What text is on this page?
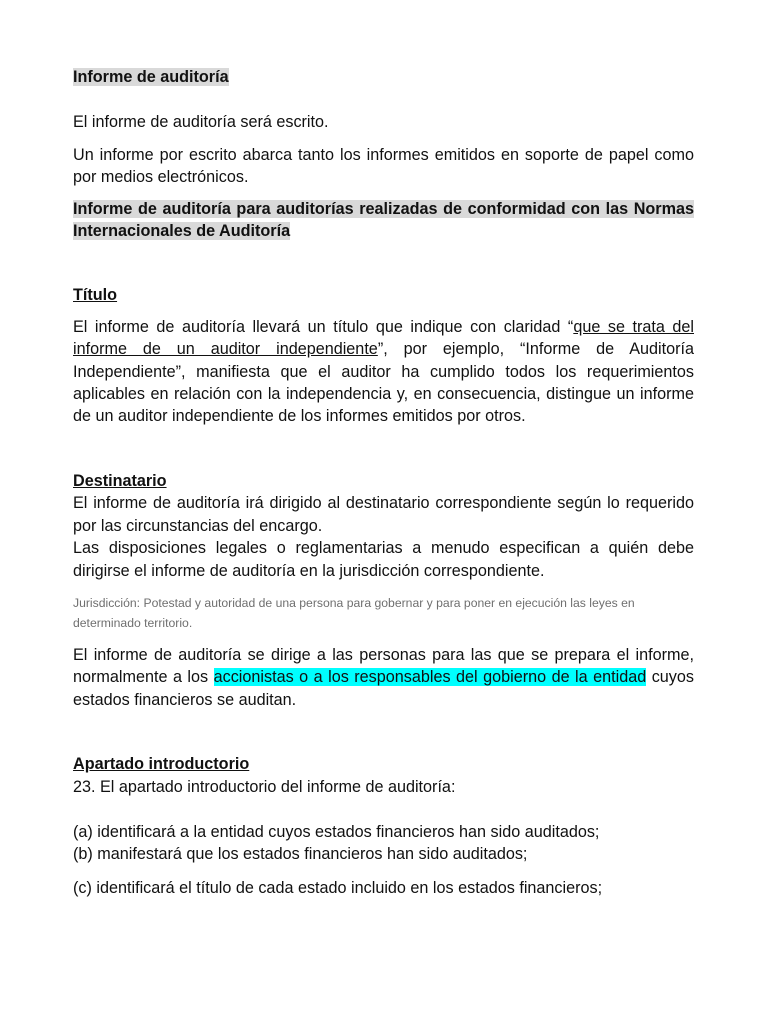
Informe de auditoría

El informe de auditoría será escrito.

Un informe por escrito abarca tanto los informes emitidos en soporte de papel como por medios electrónicos.

Informe de auditoría para auditorías realizadas de conformidad con las Normas Internacionales de Auditoría

Título

El informe de auditoría llevará un título que indique con claridad “que se trata del informe de un auditor independiente”, por ejemplo, “Informe de Auditoría Independiente”, manifiesta que el auditor ha cumplido todos los requerimientos aplicables en relación con la independencia y, en consecuencia, distingue un informe de un auditor independiente de los informes emitidos por otros.

Destinatario

El informe de auditoría irá dirigido al destinatario correspondiente según lo requerido por las circunstancias del encargo.

Las disposiciones legales o reglamentarias a menudo especifican a quién debe dirigirse el informe de auditoría en la jurisdicción correspondiente.

Jurisdicción: Potestad y autoridad de una persona para gobernar y para poner en ejecución las leyes en determinado territorio.

El informe de auditoría se dirige a las personas para las que se prepara el informe, normalmente a los accionistas o a los responsables del gobierno de la entidad cuyos estados financieros se auditan.

Apartado introductorio

23. El apartado introductorio del informe de auditoría:

(a) identificará a la entidad cuyos estados financieros han sido auditados;

(b) manifestará que los estados financieros han sido auditados;

(c) identificará el título de cada estado incluido en los estados financieros;
